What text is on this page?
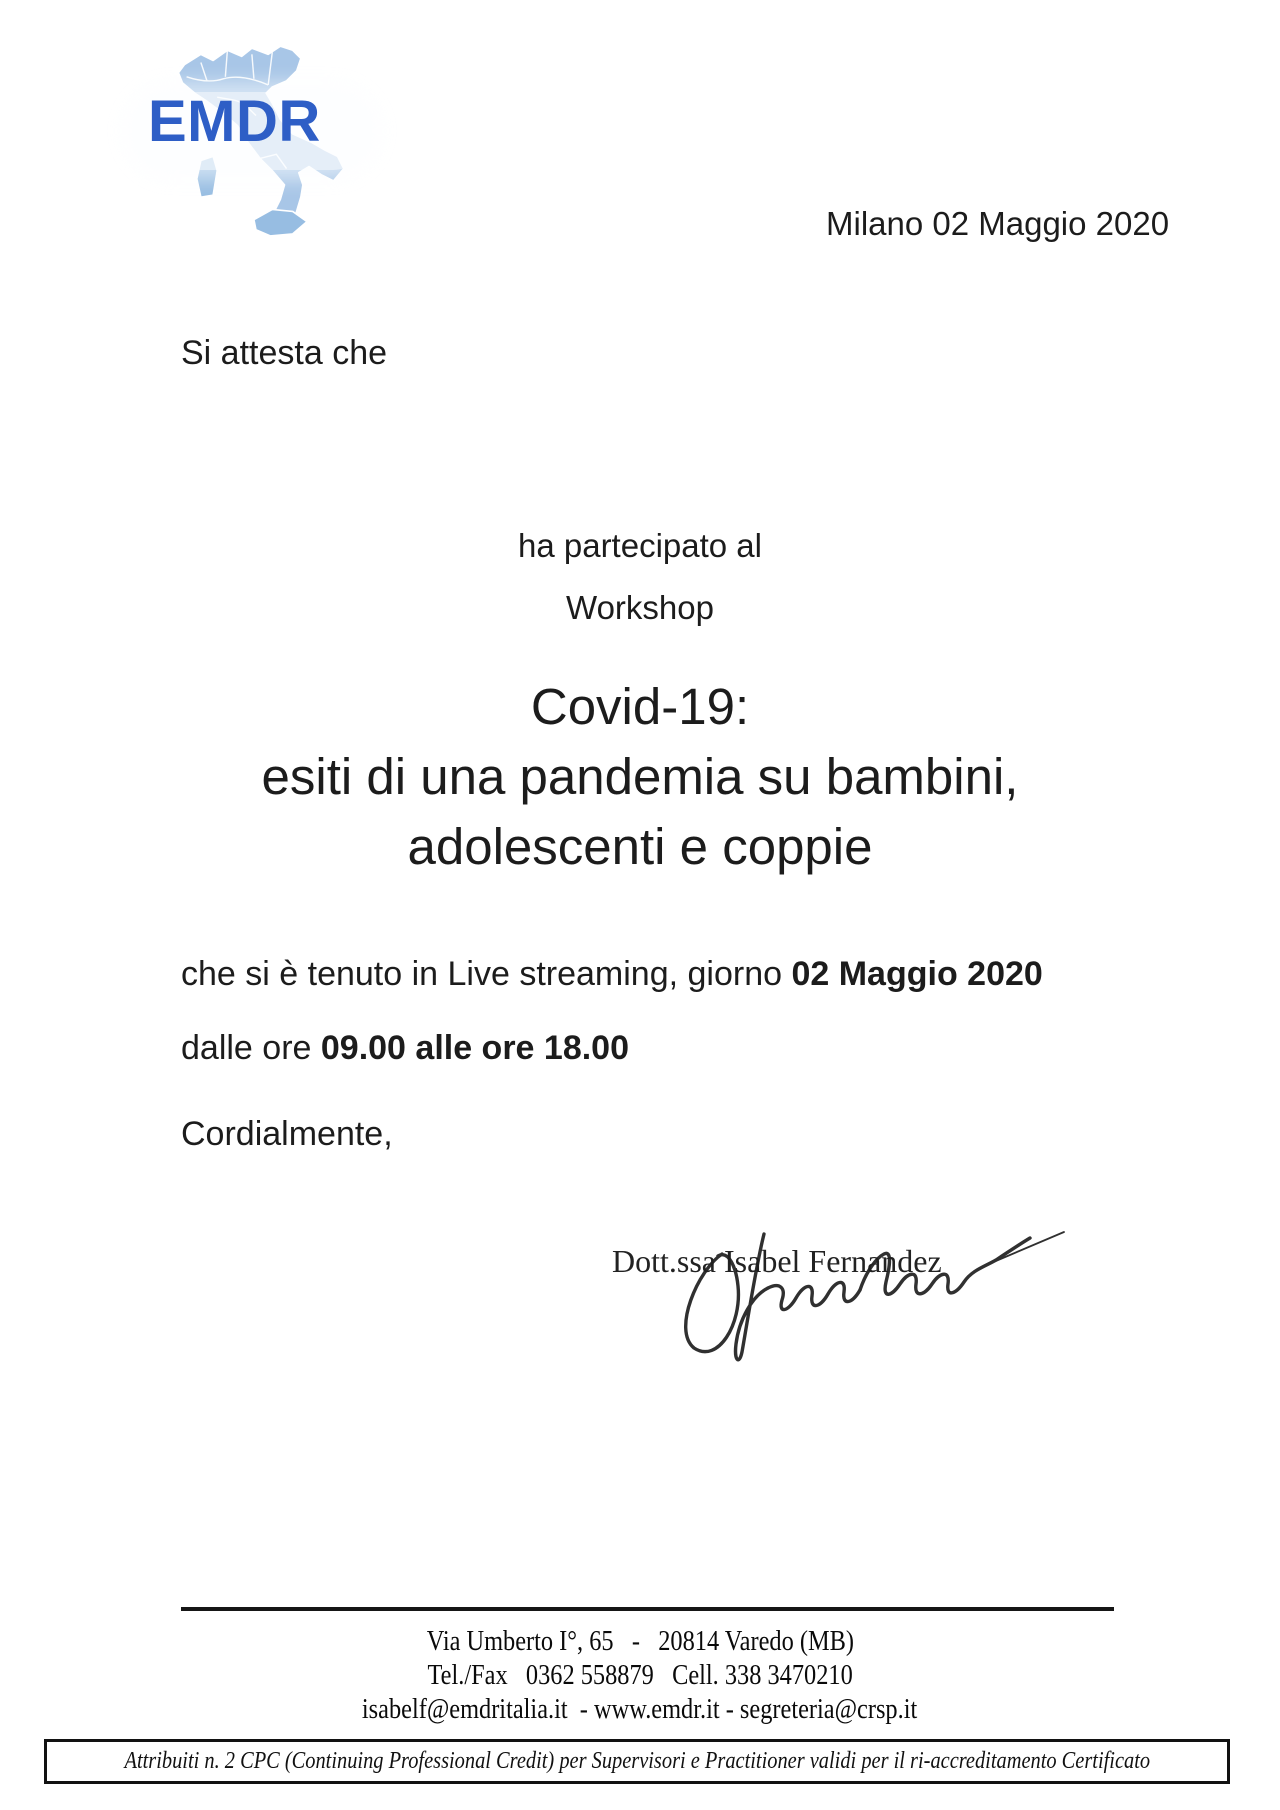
EMDR
Milano 02 Maggio 2020
Si attesta che
ha partecipato al
Workshop
Covid-19:
esiti di una pandemia su bambini,
adolescenti e coppie
che si è tenuto in Live streaming, giorno 02 Maggio 2020
dalle ore 09.00 alle ore 18.00
Cordialmente,
Dott.ssa Isabel Fernandez
Via Umberto I°, 65   -   20814 Varedo (MB)
Tel./Fax   0362 558879   Cell. 338 3470210
isabelf@emdritalia.it  - www.emdr.it - segreteria@crsp.it
Attribuiti n. 2 CPC (Continuing Professional Credit) per Supervisori e Practitioner validi per il ri-accreditamento Certificato
